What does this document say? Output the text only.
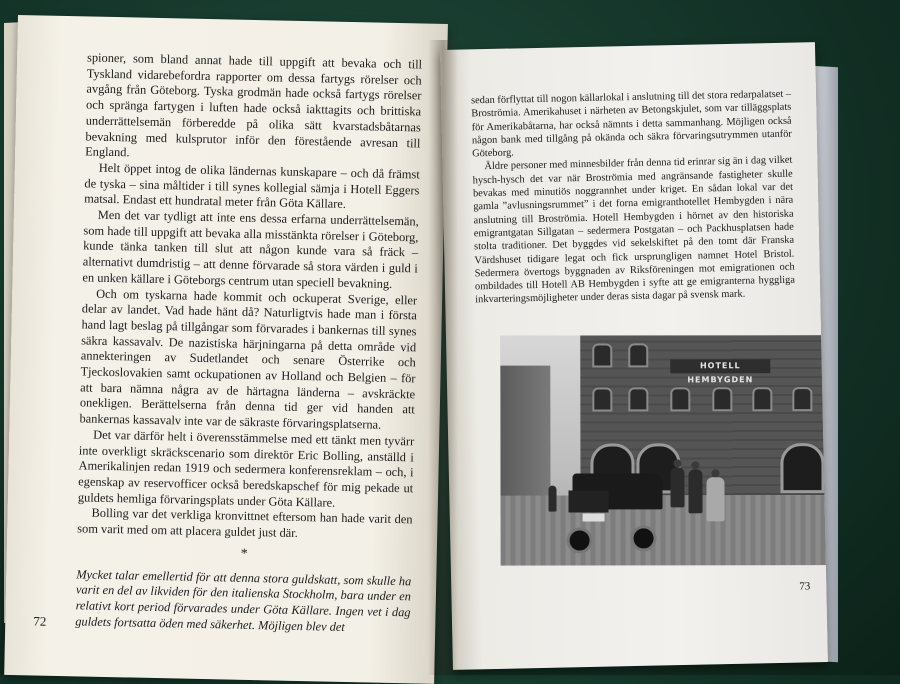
spioner, som bland annat hade till uppgift att bevaka och till Tyskland vidarebefordra rapporter om dessa fartygs rörelser och avgång från Göteborg. Tyska grodmän hade också fartygs rörelser och spränga fartygen i luften hade också iakttagits och brittiska underrättelsemän förberedde på olika sätt kvarstadsbåtarnas bevakning med kulsprutor inför den förestående avresan till England.

Helt öppet intog de olika ländernas kunskapare – och då främst de tyska – sina måltider i till synes kollegial sämja i Hotell Eggers matsal. Endast ett hundratal meter från Göta Källare.

Men det var tydligt att inte ens dessa erfarna underrättelsemän, som hade till uppgift att bevaka alla misstänkta rörelser i Göteborg, kunde tänka tanken till slut att någon kunde vara så fräck – alternativt dumdristig – att denne förvarade så stora värden i guld i en unken källare i Göteborgs centrum utan speciell bevakning.

Och om tyskarna hade kommit och ockuperat Sverige, eller delar av landet. Vad hade hänt då? Naturligtvis hade man i första hand lagt beslag på tillgångar som förvarades i bankernas till synes säkra kassavalv. De nazistiska härjningarna på detta område vid annekteringen av Sudetlandet och senare Österrike och Tjeckoslovakien samt ockupationen av Holland och Belgien – för att bara nämna några av de härtagna länderna – avskräckte onekligen. Berättelserna från denna tid ger vid handen att bankernas kassavalv inte var de säkraste förvaringsplatserna.

Det var därför helt i överensstämmelse med ett tänkt men tyvärr inte overkligt skräckscenario som direktör Eric Bolling, anställd i Amerikalinjen redan 1919 och sedermera konferensreklam – och, i egenskap av reservofficer också beredskapschef för mig pekade ut guldets hemliga förvaringsplats under Göta Källare.

Bolling var det verkliga kronvittnet eftersom han hade varit den som varit med om att placera guldet just där.

*

Mycket talar emellertid för att denna stora guldskatt, som skulle ha varit en del av likviden för den italienska Stockholm, bara under en relativt kort period förvarades under Göta Källare. Ingen vet i dag guldets fortsatta öden med säkerhet. Möjligen blev det

72

sedan förflyttat till nogon källarlokal i anslutning till det stora redarpalatset – Broströmia. Amerikahuset i närheten av Betongskjulet, som var tilläggsplats för Amerikabåtarna, har också nämnts i detta sammanhang. Möjligen också någon bank med tillgång på okända och säkra förvaringsutrymmen utanför Göteborg.

Äldre personer med minnesbilder från denna tid erinrar sig än i dag vilket hysch-hysch det var när Broströmia med angränsande fastigheter skulle bevakas med minutiös noggrannhet under kriget. En sådan lokal var det gamla ”avlusningsrummet” i det forna emigranthotellet Hembygden i nära anslutning till Broströmia. Hotell Hembygden i hörnet av den historiska emigrantgatan Sillgatan – sedermera Postgatan – och Packhusplatsen hade stolta traditioner. Det byggdes vid sekelskiftet på den tomt där Franska Värdshuset tidigare legat och fick ursprungligen namnet Hotel Bristol. Sedermera övertogs byggnaden av Riksföreningen mot emigrationen och ombildades till Hotell AB Hembygden i syfte att ge emigranterna hyggliga inkvarteringsmöjligheter under deras sista dagar på svensk mark.

HOTELL HEMBYGDEN
73
